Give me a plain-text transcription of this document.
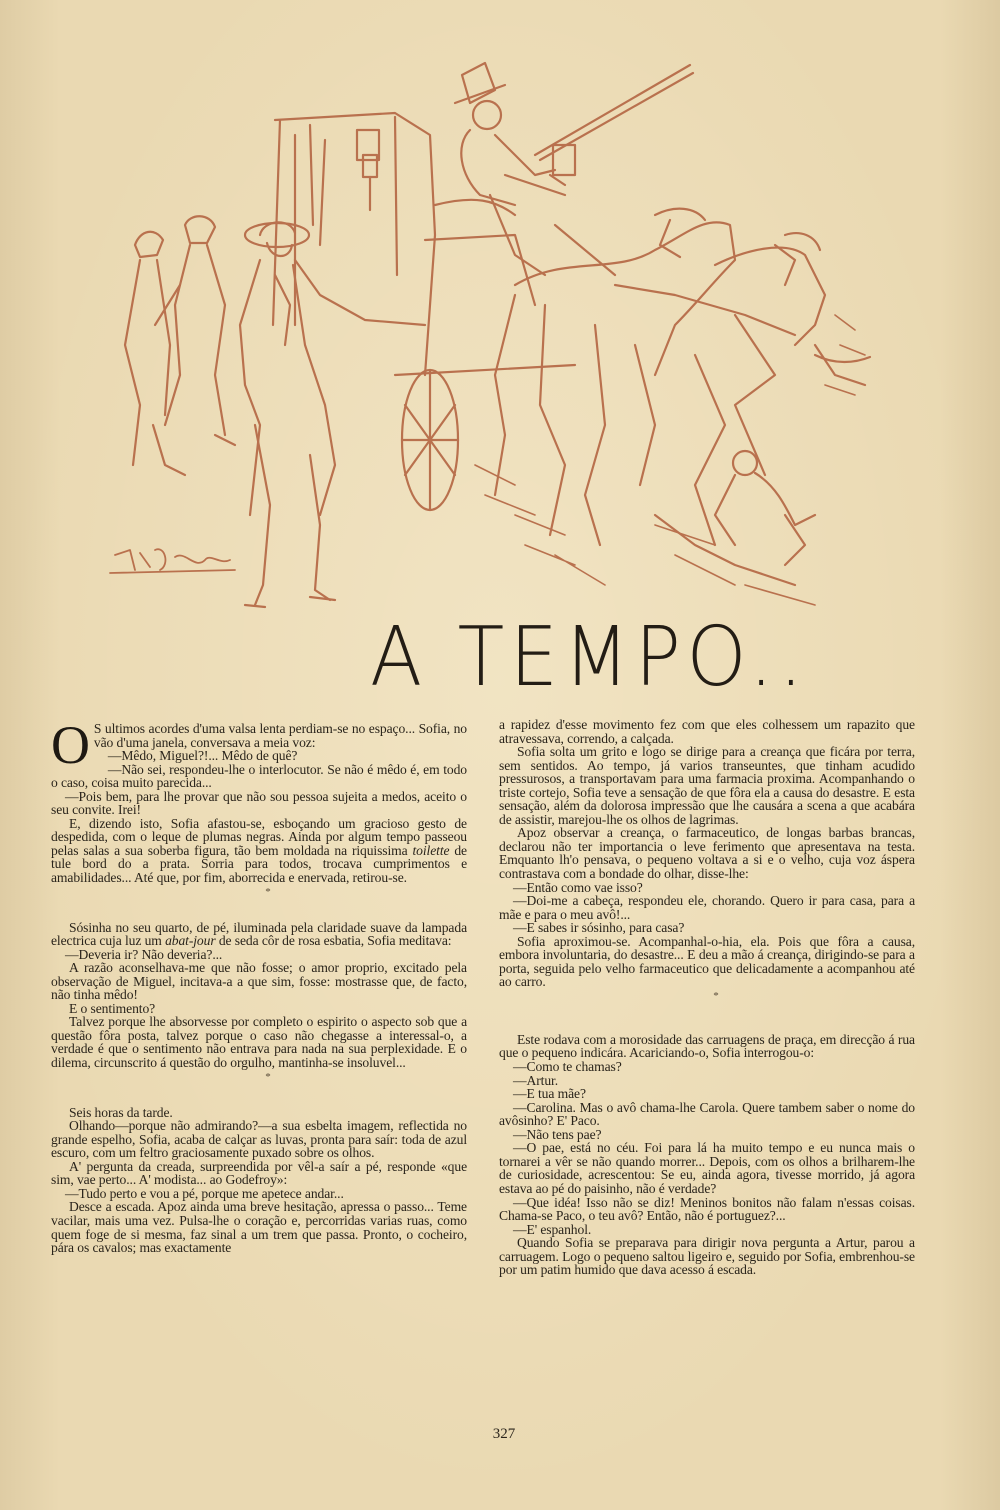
A TEMPO..

O S ultimos acordes d'uma valsa lenta perdiam-se no espaço... Sofia, no vão d'uma janela, conversava a meia voz:

—Mêdo, Miguel?!... Mêdo de quê?

—Não sei, respondeu-lhe o interlocutor. Se não é mêdo é, em todo o caso, coisa muito parecida...

—Pois bem, para lhe provar que não sou pessoa sujeita a medos, aceito o seu convite. Irei!

E, dizendo isto, Sofia afastou-se, esboçando um gracioso gesto de despedida, com o leque de plumas negras. Ainda por algum tempo passeou pelas salas a sua soberba figura, tão bem moldada na riquissima toilette de tule bord do a prata. Sorria para todos, trocava cumprimentos e amabilidades... Até que, por fim, aborrecida e enervada, retirou-se.

*

Sósinha no seu quarto, de pé, iluminada pela claridade suave da lampada electrica cuja luz um abat-jour de seda côr de rosa esbatia, Sofia meditava:

—Deveria ir? Não deveria?...

A razão aconselhava-me que não fosse; o amor proprio, excitado pela observação de Miguel, incitava-a a que sim, fosse: mostrasse que, de facto, não tinha mêdo!

E o sentimento?

Talvez porque lhe absorvesse por completo o espirito o aspecto sob que a questão fôra posta, talvez porque o caso não chegasse a interessal-o, a verdade é que o sentimento não entrava para nada na sua perplexidade. E o dilema, circunscrito á questão do orgulho, mantinha-se insoluvel...

*

Seis horas da tarde.

Olhando—porque não admirando?—a sua esbelta imagem, reflectida no grande espelho, Sofia, acaba de calçar as luvas, pronta para saír: toda de azul escuro, com um feltro graciosamente puxado sobre os olhos.

A' pergunta da creada, surpreendida por vêl-a saír a pé, responde «que sim, vae perto... A' modista... ao Godefroy»:

—Tudo perto e vou a pé, porque me apetece andar...

Desce a escada. Apoz ainda uma breve hesitação, apressa o passo... Teme vacilar, mais uma vez. Pulsa-lhe o coração e, percorridas varias ruas, como quem foge de si mesma, faz sinal a um trem que passa. Pronto, o cocheiro, pára os cavalos; mas exactamente

a rapidez d'esse movimento fez com que eles colhessem um rapazito que atravessava, correndo, a calçada.

Sofia solta um grito e logo se dirige para a creança que ficára por terra, sem sentidos. Ao tempo, já varios transeuntes, que tinham acudido pressurosos, a transportavam para uma farmacia proxima. Acompanhando o triste cortejo, Sofia teve a sensação de que fôra ela a causa do desastre. E esta sensação, além da dolorosa impressão que lhe causára a scena a que acabára de assistir, marejou-lhe os olhos de lagrimas.

Apoz observar a creança, o farmaceutico, de longas barbas brancas, declarou não ter importancia o leve ferimento que apresentava na testa. Emquanto lh'o pensava, o pequeno voltava a si e o velho, cuja voz áspera contrastava com a bondade do olhar, disse-lhe:

—Então como vae isso?

—Doi-me a cabeça, respondeu ele, chorando. Quero ir para casa, para a mãe e para o meu avô!...

—E sabes ir sósinho, para casa?

Sofia aproximou-se. Acompanhal-o-hia, ela. Pois que fôra a causa, embora involuntaria, do desastre... E deu a mão á creança, dirigindo-se para a porta, seguida pelo velho farmaceutico que delicadamente a acompanhou até ao carro.

*

Este rodava com a morosidade das carruagens de praça, em direcção á rua que o pequeno indicára. Acariciando-o, Sofia interrogou-o:

—Como te chamas?

—Artur.

—E tua mãe?

—Carolina. Mas o avô chama-lhe Carola. Quere tambem saber o nome do avôsinho? E' Paco.

—Não tens pae?

—O pae, está no céu. Foi para lá ha muito tempo e eu nunca mais o tornarei a vêr se não quando morrer... Depois, com os olhos a brilharem-lhe de curiosidade, acrescentou: Se eu, ainda agora, tivesse morrido, já agora estava ao pé do paisinho, não é verdade?

—Que idéa! Isso não se diz! Meninos bonitos não falam n'essas coisas. Chama-se Paco, o teu avô? Então, não é portuguez?...

—E' espanhol.

Quando Sofia se preparava para dirigir nova pergunta a Artur, parou a carruagem. Logo o pequeno saltou ligeiro e, seguido por Sofia, embrenhou-se por um patim humido que dava acesso á escada.

327
